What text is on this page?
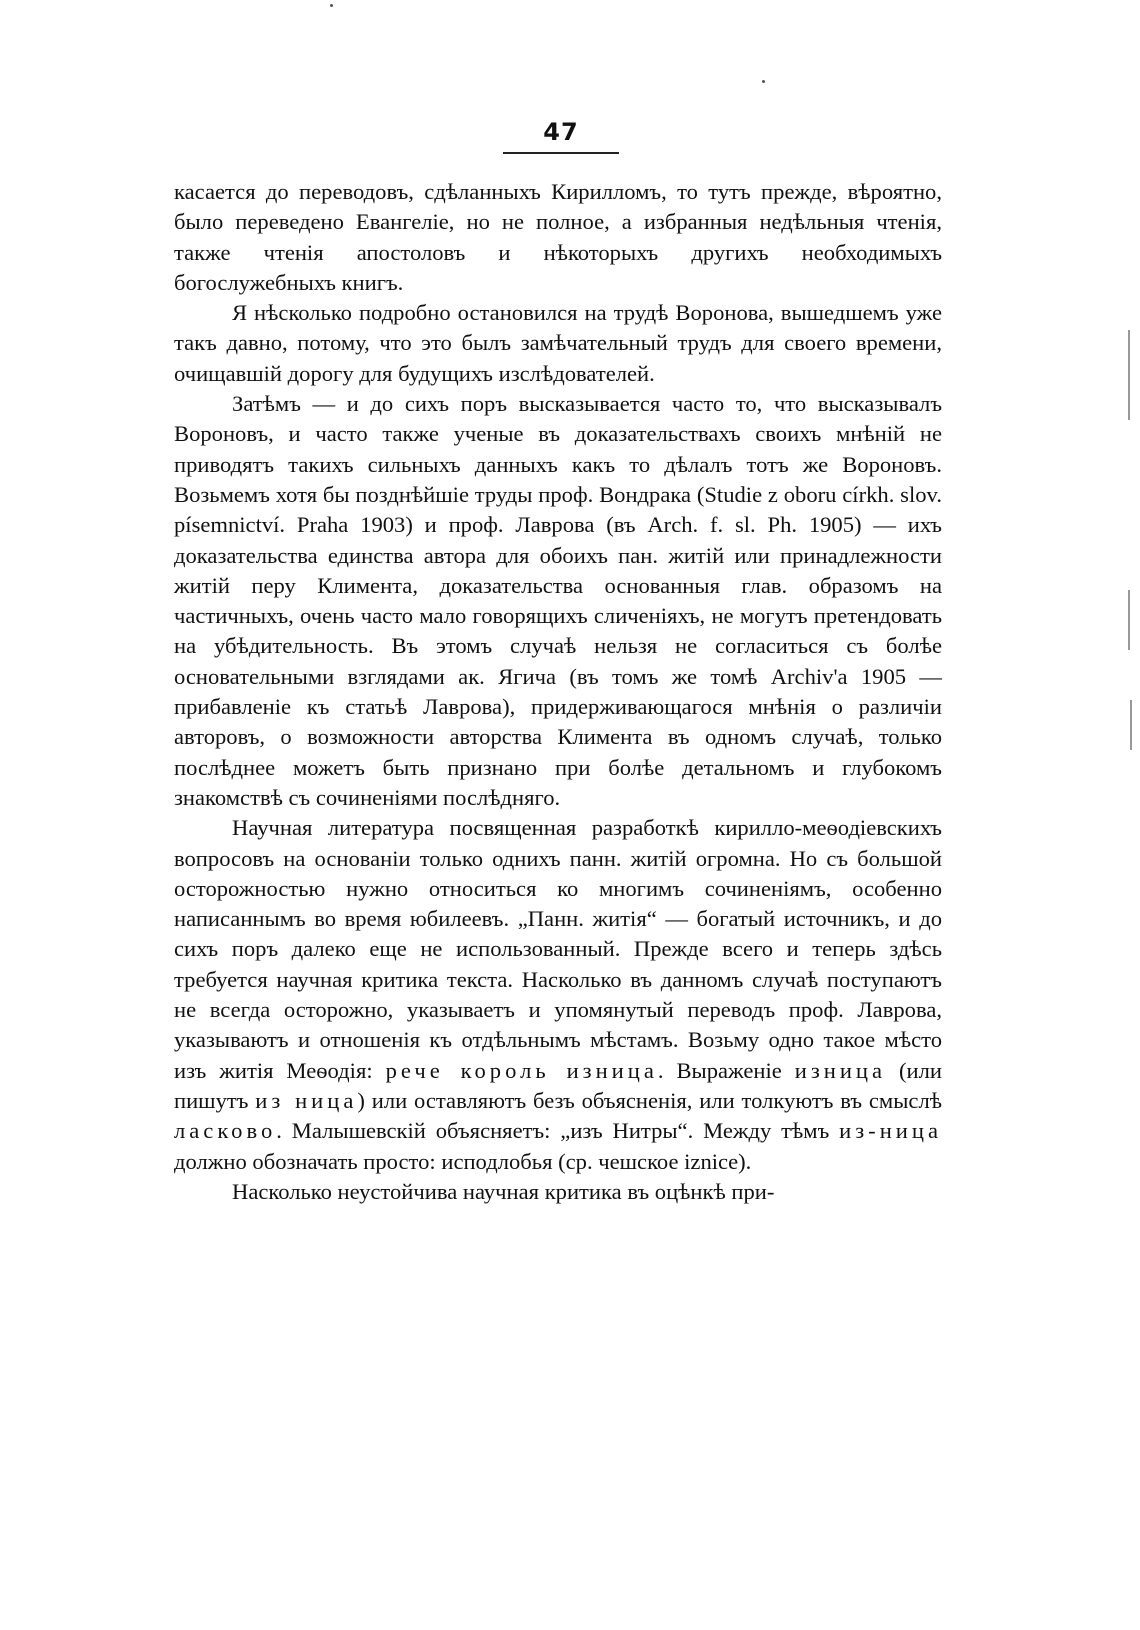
47

касается до переводовъ, сдѣланныхъ Кирилломъ, то тутъ прежде, вѣроятно, было переведено Евангеліе, но не полное, а избранныя недѣльныя чтенія, также чтенія апостоловъ и нѣкоторыхъ другихъ необходимыхъ богослужебныхъ книгъ.

Я нѣсколько подробно остановился на трудѣ Воронова, вышедшемъ уже такъ давно, потому, что это былъ замѣчательный трудъ для своего времени, очищавшій дорогу для будущихъ изслѣдователей.

Затѣмъ — и до сихъ поръ высказывается часто то, что высказывалъ Вороновъ, и часто также ученые въ доказательствахъ своихъ мнѣній не приводятъ такихъ сильныхъ данныхъ какъ то дѣлалъ тотъ же Вороновъ. Возьмемъ хотя бы позднѣйшіе труды проф. Вондрака (Studie z oboru církh. slov. písemnictví. Praha 1903) и проф. Лаврова (въ Arch. f. sl. Ph. 1905) — ихъ доказательства единства автора для обоихъ пан. житій или принадлежности житій перу Климента, доказательства основанныя глав. образомъ на частичныхъ, очень часто мало говорящихъ сличеніяхъ, не могутъ претендовать на убѣдительность. Въ этомъ случаѣ нельзя не согласиться съ болѣе основательными взглядами ак. Ягича (въ томъ же томѣ Archiv'a 1905 — прибавленіе къ статьѣ Лаврова), придерживающагося мнѣнія о различіи авторовъ, о возможности авторства Климента въ одномъ случаѣ, только послѣднее можетъ быть признано при болѣе детальномъ и глубокомъ знакомствѣ съ сочиненіями послѣдняго.

Научная литература посвященная разработкѣ кирилло-меѳодіевскихъ вопросовъ на основаніи только однихъ панн. житій огромна. Но съ большой осторожностью нужно относиться ко многимъ сочиненіямъ, особенно написаннымъ во время юбилеевъ. „Панн. житія“ — богатый источникъ, и до сихъ поръ далеко еще не использованный. Прежде всего и теперь здѣсь требуется научная критика текста. Насколько въ данномъ случаѣ поступаютъ не всегда осторожно, указываетъ и упомянутый переводъ проф. Лаврова, указываютъ и отношенія къ отдѣльнымъ мѣстамъ. Возьму одно такое мѣсто изъ житія Меѳодія: рече король изница. Выраженіе изница (или пишутъ из ница) или оставляютъ безъ объясненія, или толкуютъ въ смыслѣ ласково. Малышевскій объясняетъ: „изъ Нитры“. Между тѣмъ из-ница должно обозначать просто: исподлобья (ср. чешское iznice).

Насколько неустойчива научная критика въ оцѣнкѣ при-
